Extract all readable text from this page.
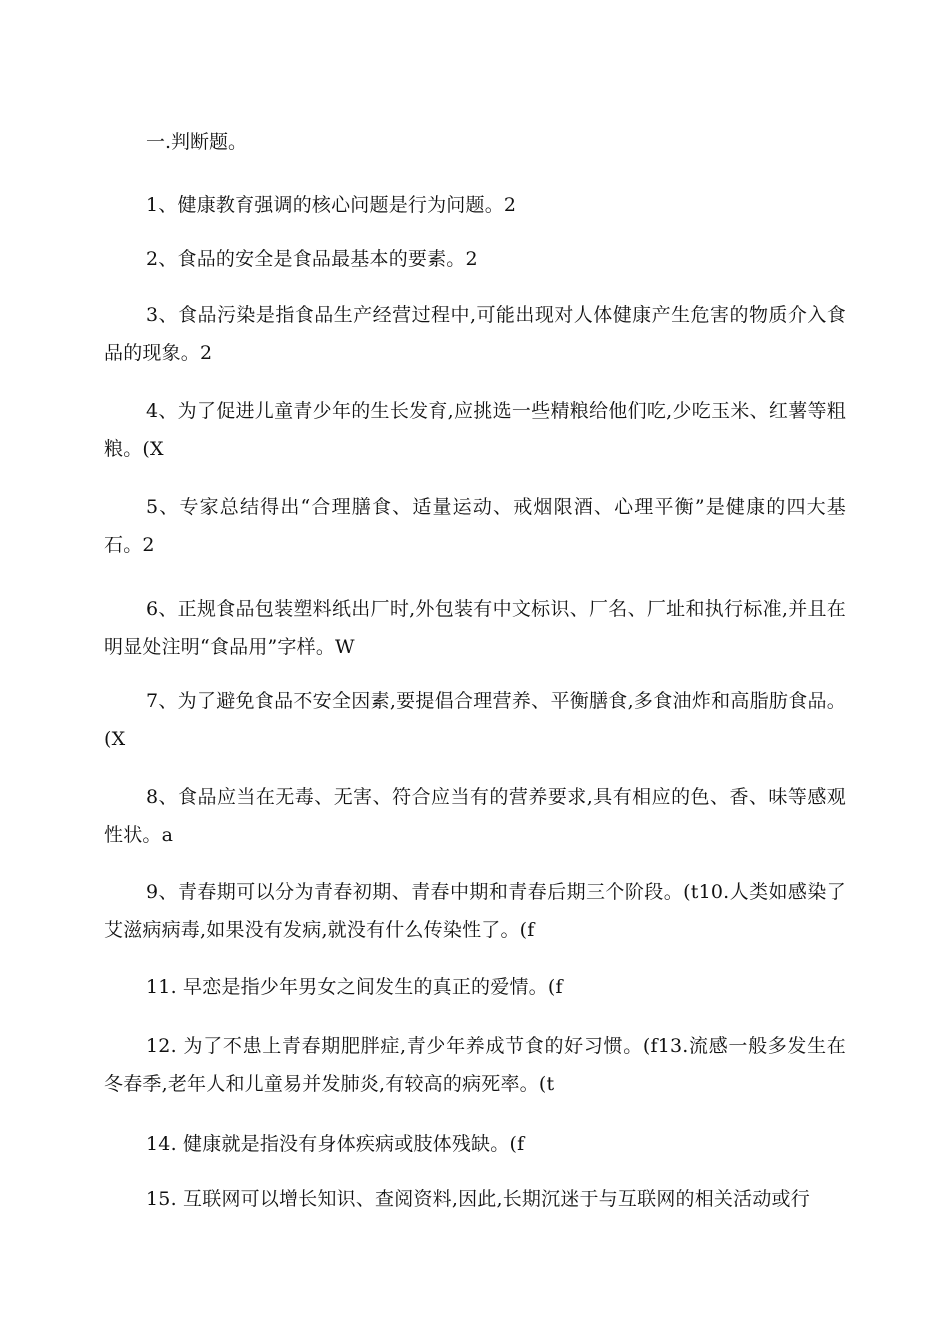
一.判断题。
1、健康教育强调的核心问题是行为问题。2
2、食品的安全是食品最基本的要素。2
3、食品污染是指食品生产经营过程中,可能出现对人体健康产生危害的物质介入食品的现象。2
4、为了促进儿童青少年的生长发育,应挑选一些精粮给他们吃,少吃玉米、红薯等粗粮。(X
5、专家总结得出“合理膳食、适量运动、戒烟限酒、心理平衡”是健康的四大基石。2
6、正规食品包装塑料纸出厂时,外包装有中文标识、厂名、厂址和执行标准,并且在明显处注明“食品用”字样。W
7、为了避免食品不安全因素,要提倡合理营养、平衡膳食,多食油炸和高脂肪食品。(X
8、食品应当在无毒、无害、符合应当有的营养要求,具有相应的色、香、味等感观性状。a
9、青春期可以分为青春初期、青春中期和青春后期三个阶段。(t10.人类如感染了艾滋病病毒,如果没有发病,就没有什么传染性了。(f
11. 早恋是指少年男女之间发生的真正的爱情。(f
12. 为了不患上青春期肥胖症,青少年养成节食的好习惯。(f13.流感一般多发生在冬春季,老年人和儿童易并发肺炎,有较高的病死率。(t
14. 健康就是指没有身体疾病或肢体残缺。(f
15. 互联网可以增长知识、查阅资料,因此,长期沉迷于与互联网的相关活动或行
